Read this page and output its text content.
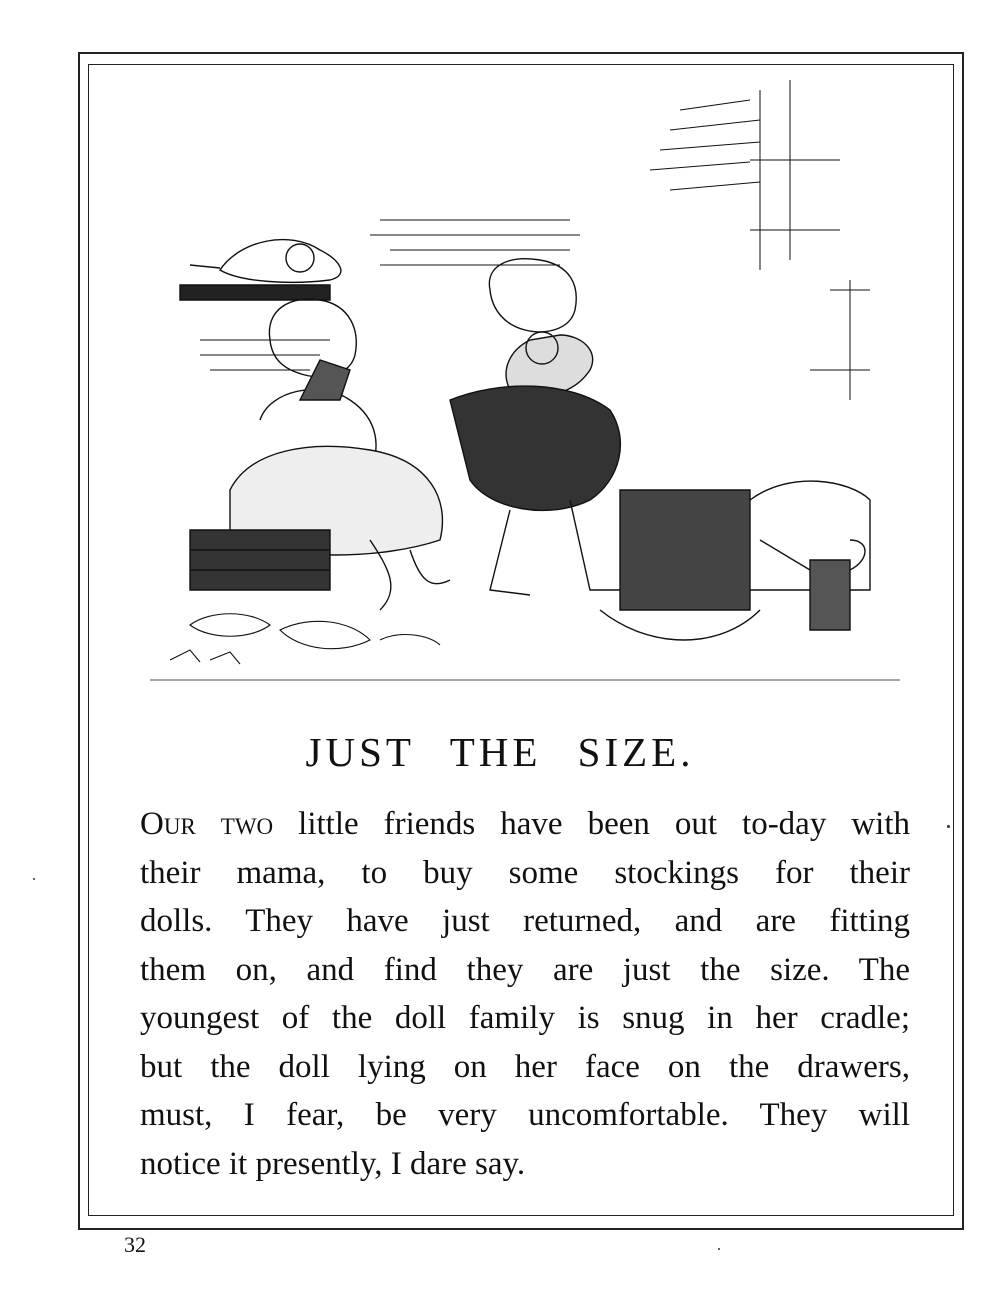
JUST THE SIZE.
Our two little friends have been out to-day with
their mama, to buy some stockings for their
dolls. They have just returned, and are fitting
them on, and find they are just the size. The
youngest of the doll family is snug in her cradle;
but the doll lying on her face on the drawers,
must, I fear, be very uncomfortable. They will
notice it presently, I dare say.
32
